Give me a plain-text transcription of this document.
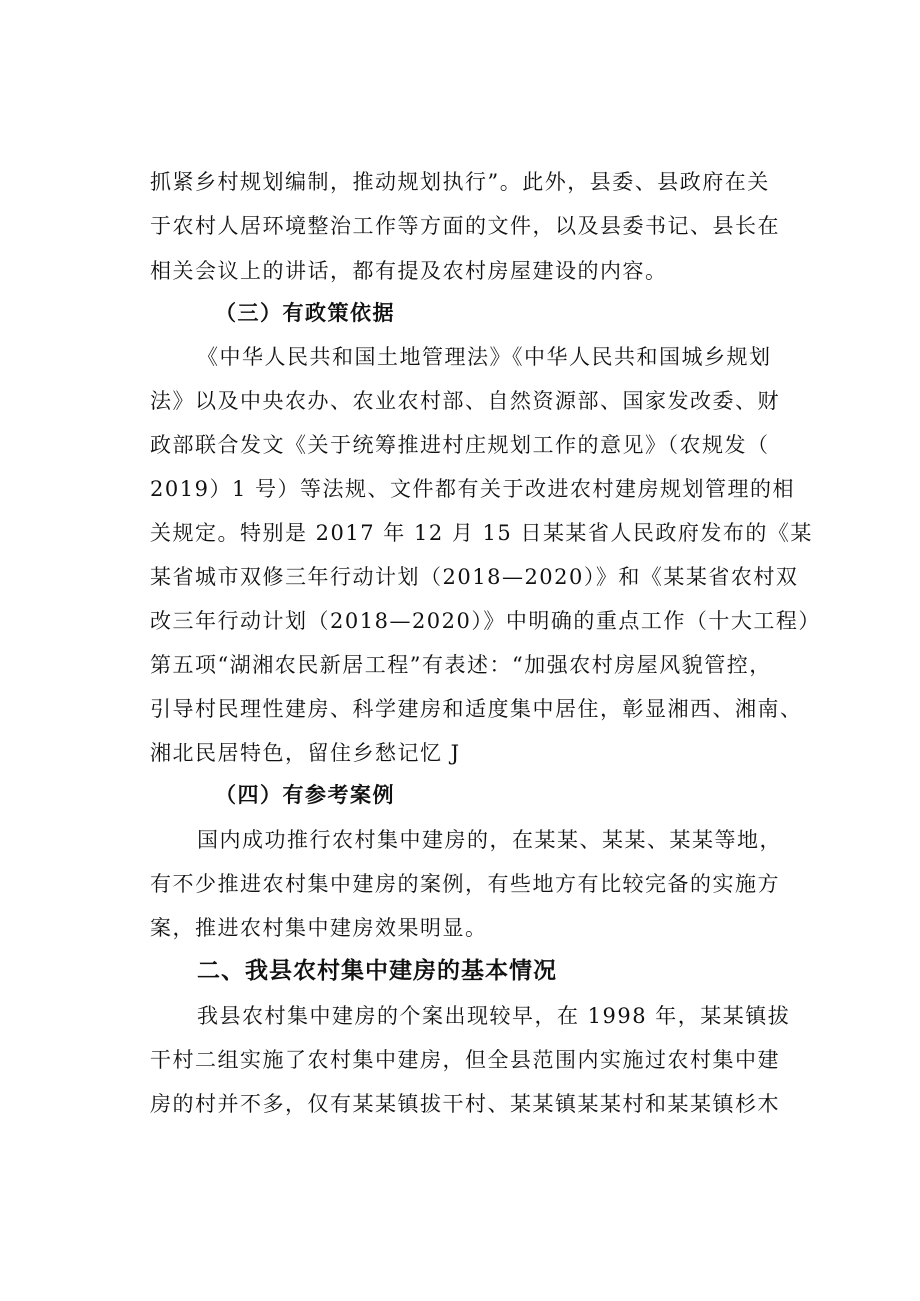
抓紧乡村规划编制，推动规划执行”。此外，县委、县政府在关
于农村人居环境整治工作等方面的文件，以及县委书记、县长在
相关会议上的讲话，都有提及农村房屋建设的内容。
（三）有政策依据
《中华人民共和国土地管理法》《中华人民共和国城乡规划
法》以及中央农办、农业农村部、自然资源部、国家发改委、财
政部联合发文《关于统筹推进村庄规划工作的意见》（农规发（
2019）1 号）等法规、文件都有关于改进农村建房规划管理的相
关规定。特别是 2017 年 12 月 15 日某某省人民政府发布的《某
某省城市双修三年行动计划（2018—2020）》和《某某省农村双
改三年行动计划（2018—2020）》中明确的重点工作（十大工程）
第五项“湖湘农民新居工程”有表述：“加强农村房屋风貌管控，
引导村民理性建房、科学建房和适度集中居住，彰显湘西、湘南、
湘北民居特色，留住乡愁记忆 J
（四）有参考案例
国内成功推行农村集中建房的，在某某、某某、某某等地，
有不少推进农村集中建房的案例，有些地方有比较完备的实施方
案，推进农村集中建房效果明显。
二、我县农村集中建房的基本情况
我县农村集中建房的个案出现较早，在 1998 年，某某镇拔
干村二组实施了农村集中建房，但全县范围内实施过农村集中建
房的村并不多，仅有某某镇拔干村、某某镇某某村和某某镇杉木
